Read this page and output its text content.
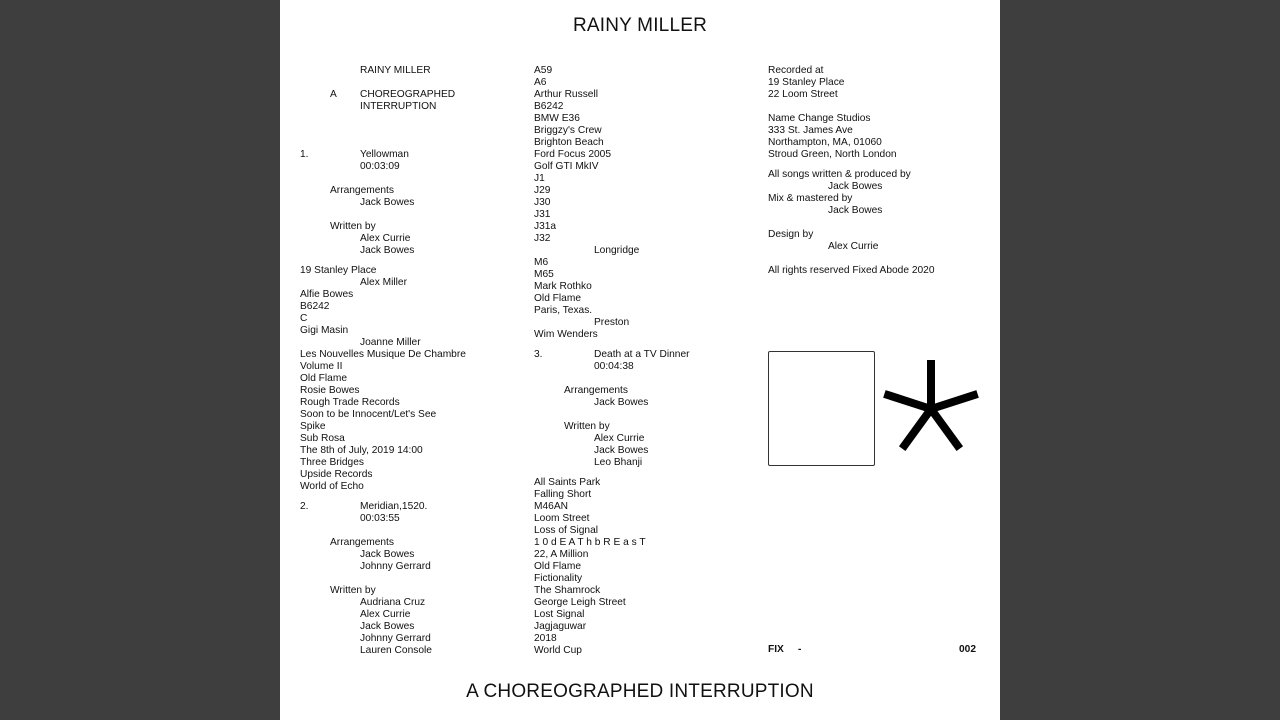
RAINY MILLER
RAINY MILLER
A CHOREOGRAPHED
INTERRUPTION
1.	Yellowman
00:03:09
Arrangements
Jack Bowes
Written by
Alex Currie
Jack Bowes
19 Stanley Place
Alex Miller
Alfie Bowes
B6242
C
Gigi Masin
Joanne Miller
Les Nouvelles Musique De Chambre
Volume II
Old Flame
Rosie Bowes
Rough Trade Records
Soon to be Innocent/Let's See
Spike
Sub Rosa
The 8th of July, 2019 14:00
Three Bridges
Upside Records
World of Echo
2.	Meridian,1520.
00:03:55
Arrangements
Jack Bowes
Johnny Gerrard
Written by
Audriana Cruz
Alex Currie
Jack Bowes
Johnny Gerrard
Lauren Console
A59
A6
Arthur Russell
B6242
BMW E36
Briggzy's Crew
Brighton Beach
Ford Focus 2005
Golf GTI MkIV
J1
J29
J30
J31
J31a
J32
Longridge
M6
M65
Mark Rothko
Old Flame
Paris, Texas.
Preston
Wim Wenders
3.	Death at a TV Dinner
00:04:38
Arrangements
Jack Bowes
Written by
Alex Currie
Jack Bowes
Leo Bhanji
All Saints Park
Falling Short
M46AN
Loom Street
Loss of Signal
1 0 d E A T h b R E a s T
22, A Million
Old Flame
Fictionality
The Shamrock
George Leigh Street
Lost Signal
Jagjaguwar
2018
World Cup
Recorded at
19 Stanley Place
22 Loom Street
Name Change Studios
333 St. James Ave
Northampton, MA, 01060
Stroud Green, North London
All songs written & produced by
Jack Bowes
Mix & mastered by
Jack Bowes
Design by
Alex Currie
All rights reserved Fixed Abode 2020
FIX -	002
A CHOREOGRAPHED INTERRUPTION
